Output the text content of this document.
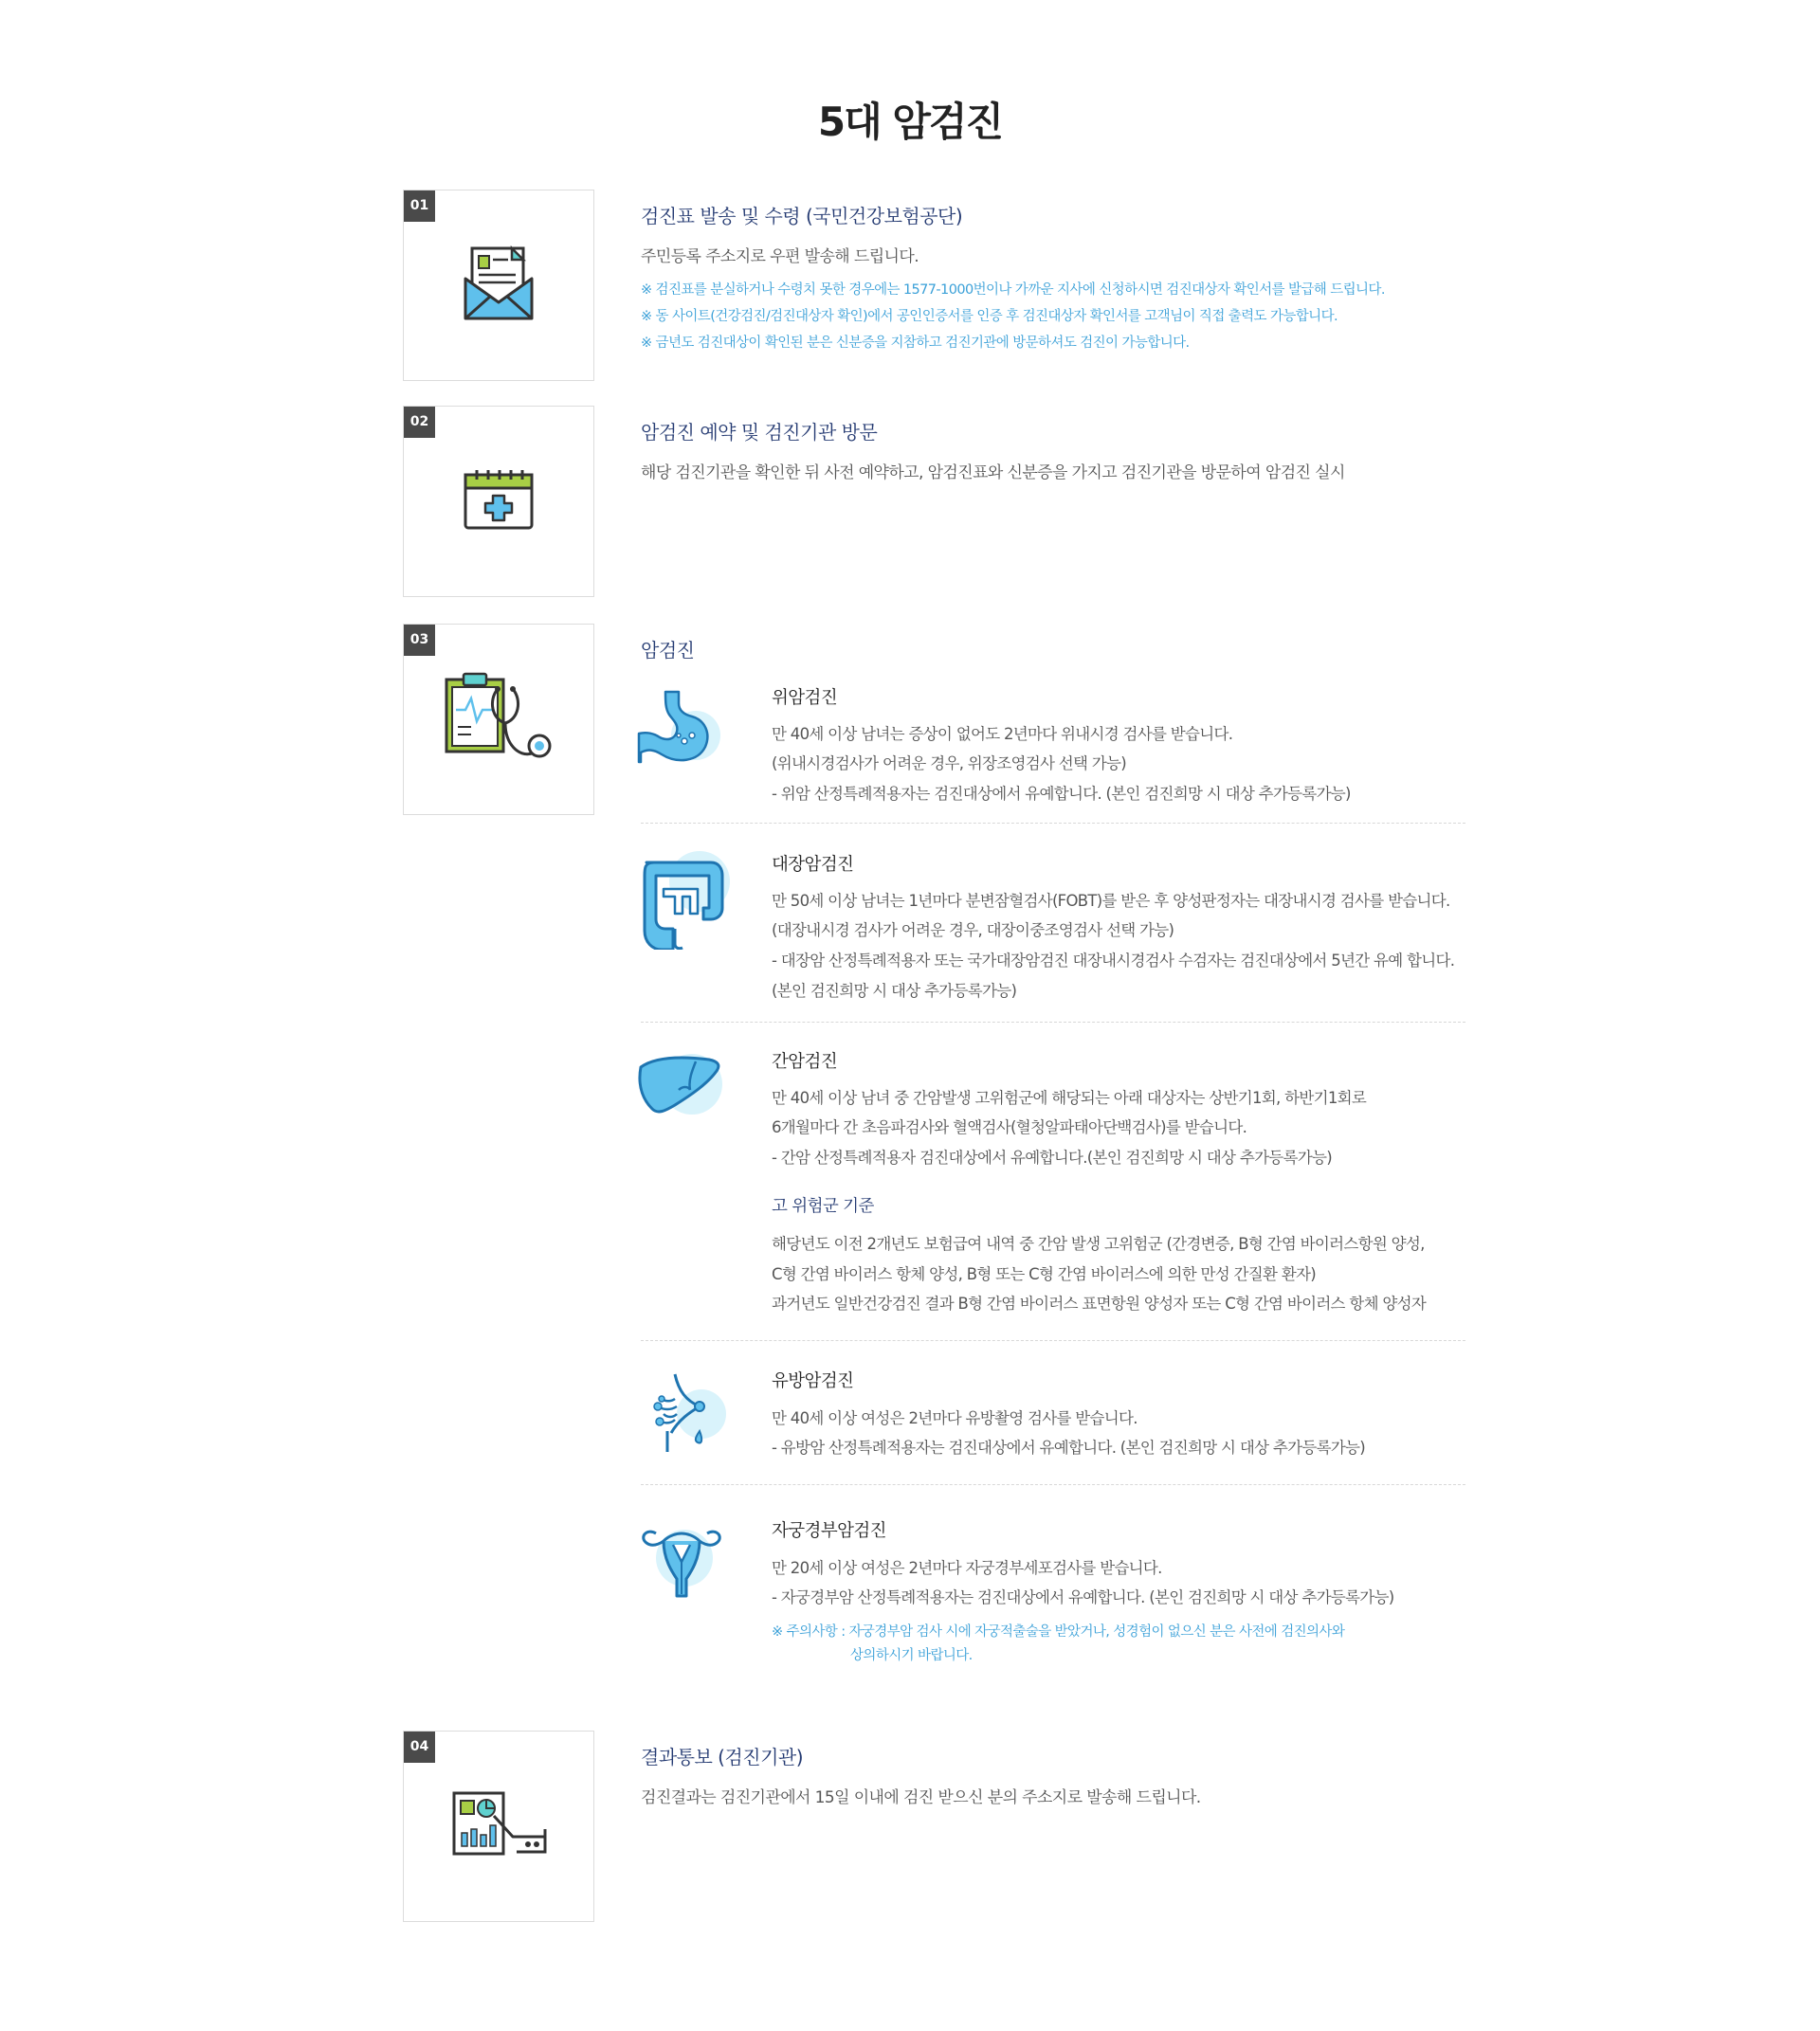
5대 암검진
01	검진표 발송 및 수령 (국민건강보험공단)
주민등록 주소지로 우편 발송해 드립니다.
※ 검진표를 분실하거나 수령치 못한 경우에는 1577-1000번이나 가까운 지사에 신청하시면 검진대상자 확인서를 발급해 드립니다.
※ 동 사이트(건강검진/검진대상자 확인)에서 공인인증서를 인증 후 검진대상자 확인서를 고객님이 직접 출력도 가능합니다.
※ 금년도 검진대상이 확인된 분은 신분증을 지참하고 검진기관에 방문하셔도 검진이 가능합니다.
02	암검진 예약 및 검진기관 방문
해당 검진기관을 확인한 뒤 사전 예약하고, 암검진표와 신분증을 가지고 검진기관을 방문하여 암검진 실시
03	암검진
위암검진
만 40세 이상 남녀는 증상이 없어도 2년마다 위내시경 검사를 받습니다.
(위내시경검사가 어려운 경우, 위장조영검사 선택 가능)
- 위암 산정특례적용자는 검진대상에서 유예합니다. (본인 검진희망 시 대상 추가등록가능)
대장암검진
만 50세 이상 남녀는 1년마다 분변잠혈검사(FOBT)를 받은 후 양성판정자는 대장내시경 검사를 받습니다.
(대장내시경 검사가 어려운 경우, 대장이중조영검사 선택 가능)
- 대장암 산정특례적용자 또는 국가대장암검진 대장내시경검사 수검자는 검진대상에서 5년간 유예 합니다.
(본인 검진희망 시 대상 추가등록가능)
간암검진
만 40세 이상 남녀 중 간암발생 고위험군에 해당되는 아래 대상자는 상반기1회, 하반기1회로
6개월마다 간 초음파검사와 혈액검사(혈청알파태아단백검사)를 받습니다.
- 간암 산정특례적용자 검진대상에서 유예합니다.(본인 검진희망 시 대상 추가등록가능)
고 위험군 기준
해당년도 이전 2개년도 보험급여 내역 중 간암 발생 고위험군 (간경변증, B형 간염 바이러스항원 양성,
C형 간염 바이러스 항체 양성, B형 또는 C형 간염 바이러스에 의한 만성 간질환 환자)
과거년도 일반건강검진 결과 B형 간염 바이러스 표면항원 양성자 또는 C형 간염 바이러스 항체 양성자
유방암검진
만 40세 이상 여성은 2년마다 유방촬영 검사를 받습니다.
- 유방암 산정특례적용자는 검진대상에서 유예합니다. (본인 검진희망 시 대상 추가등록가능)
자궁경부암검진
만 20세 이상 여성은 2년마다 자궁경부세포검사를 받습니다.
- 자궁경부암 산정특례적용자는 검진대상에서 유예합니다. (본인 검진희망 시 대상 추가등록가능)
※ 주의사항 : 자궁경부암 검사 시에 자궁적출술을 받았거나, 성경험이 없으신 분은 사전에 검진의사와
상의하시기 바랍니다.
04	결과통보 (검진기관)
검진결과는 검진기관에서 15일 이내에 검진 받으신 분의 주소지로 발송해 드립니다.
